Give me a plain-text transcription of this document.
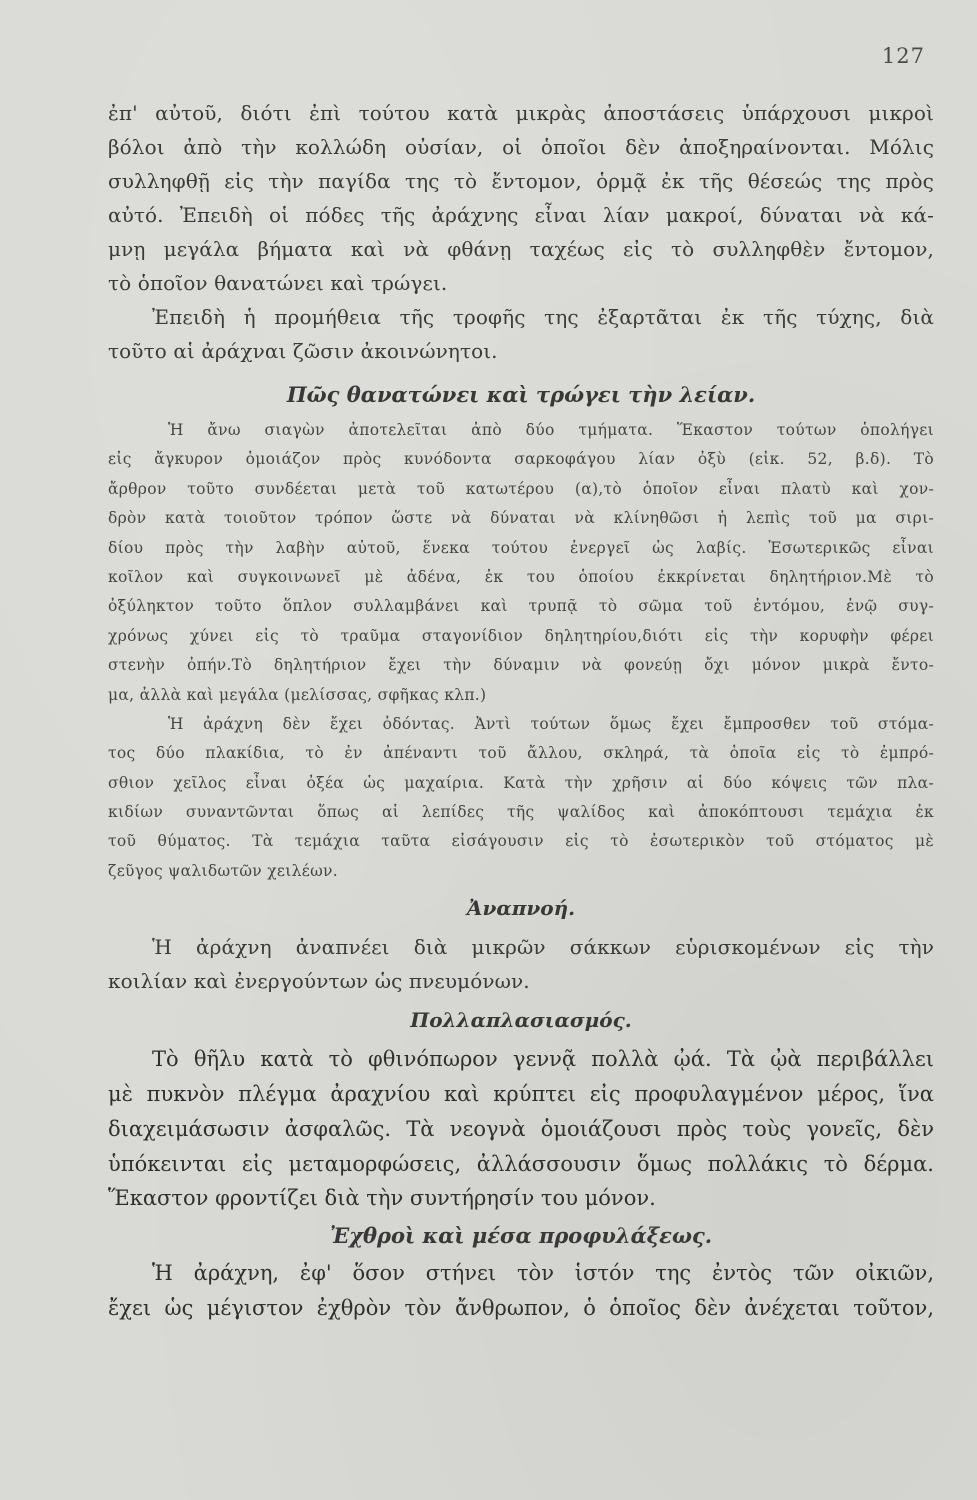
127
ἐπ' αὐτοῦ, διότι ἐπὶ τούτου κατὰ μικρὰς ἀποστάσεις ὑπάρχουσι μικροὶ
βόλοι ἀπὸ τὴν κολλώδη οὐσίαν, οἱ ὁποῖοι δὲν ἀποξηραίνονται. Μόλις
συλληφθῇ εἰς τὴν παγίδα της τὸ ἔντομον, ὁρμᾷ ἐκ τῆς θέσεώς της πρὸς
αὐτό. Ἐπειδὴ οἱ πόδες τῆς ἀράχνης εἶναι λίαν μακροί, δύναται νὰ κά-
μνῃ μεγάλα βήματα καὶ νὰ φθάνῃ ταχέως εἰς τὸ συλληφθὲν ἔντομον,
τὸ ὁποῖον θανατώνει καὶ τρώγει.
Ἐπειδὴ ἡ προμήθεια τῆς τροφῆς της ἐξαρτᾶται ἐκ τῆς τύχης, διὰ
τοῦτο αἱ ἀράχναι ζῶσιν ἀκοινώνητοι.
Πῶς θανατώνει καὶ τρώγει τὴν λείαν.
Ἡ ἄνω σιαγὼν ἀποτελεῖται ἀπὸ δύο τμήματα. Ἕκαστον τούτων ὁπολήγει
εἰς ἄγκυρον ὁμοιάζον πρὸς κυνόδοντα σαρκοφάγου λίαν ὀξὺ (εἰκ. 52, β.δ). Τὸ
ἄρθρον τοῦτο συνδέεται μετὰ τοῦ κατωτέρου (α),τὸ ὁποῖον εἶναι πλατὺ καὶ χον-
δρὸν κατὰ τοιοῦτον τρόπον ὥστε νὰ δύναται νὰ κλίνηθῶσι ἡ λεπὶς τοῦ μα σιρι-
δίου πρὸς τὴν λαβὴν αὐτοῦ, ἕνεκα τούτου ἐνεργεῖ ὡς λαβίς. Ἐσωτερικῶς εἶναι
κοῖλον καὶ συγκοινωνεῖ μὲ ἀδένα, ἐκ του ὁποίου ἐκκρίνεται δηλητήριον.Μὲ τὸ
ὀξύληκτον τοῦτο ὅπλον συλλαμβάνει καὶ τρυπᾷ τὸ σῶμα τοῦ ἐντόμου, ἐνῷ συγ-
χρόνως χύνει εἰς τὸ τραῦμα σταγονίδιον δηλητηρίου,διότι εἰς τὴν κορυφὴν φέρει
στενὴν ὀπήν.Τὸ δηλητήριον ἔχει τὴν δύναμιν νὰ φονεύῃ ὄχι μόνον μικρὰ ἔντο-
μα, ἀλλὰ καὶ μεγάλα (μελίσσας, σφῆκας κλπ.)
Ἡ ἀράχνη δὲν ἔχει ὀδόντας. Ἀντὶ τούτων ὅμως ἔχει ἔμπροσθεν τοῦ στόμα-
τος δύο πλακίδια, τὸ ἐν ἀπέναντι τοῦ ἄλλου, σκληρά, τὰ ὁποῖα εἰς τὸ ἐμπρό-
σθιον χεῖλος εἶναι ὀξέα ὡς μαχαίρια. Κατὰ τὴν χρῆσιν αἱ δύο κόψεις τῶν πλα-
κιδίων συναντῶνται ὅπως αἱ λεπίδες τῆς ψαλίδος καὶ ἀποκόπτουσι τεμάχια ἐκ
τοῦ θύματος. Τὰ τεμάχια ταῦτα εἰσάγουσιν εἰς τὸ ἐσωτερικὸν τοῦ στόματος μὲ
ζεῦγος ψαλιδωτῶν χειλέων.
Ἀναπνοή.
Ἡ ἀράχνη ἀναπνέει διὰ μικρῶν σάκκων εὑρισκομένων εἰς τὴν
κοιλίαν καὶ ἐνεργούντων ὡς πνευμόνων.
Πολλαπλασιασμός.
Τὸ θῆλυ κατὰ τὸ φθινόπωρον γεννᾷ πολλὰ ᾠά. Τὰ ᾠὰ περιβάλλει
μὲ πυκνὸν πλέγμα ἀραχνίου καὶ κρύπτει εἰς προφυλαγμένον μέρος, ἵνα
διαχειμάσωσιν ἀσφαλῶς. Τὰ νεογνὰ ὁμοιάζουσι πρὸς τοὺς γονεῖς, δὲν
ὑπόκεινται εἰς μεταμορφώσεις, ἀλλάσσουσιν ὅμως πολλάκις τὸ δέρμα.
Ἕκαστον φροντίζει διὰ τὴν συντήρησίν του μόνον.
Ἐχθροὶ καὶ μέσα προφυλάξεως.
Ἡ ἀράχνη, ἐφ' ὅσον στήνει τὸν ἱστόν της ἐντὸς τῶν οἰκιῶν,
ἔχει ὡς μέγιστον ἐχθρὸν τὸν ἄνθρωπον, ὁ ὁποῖος δὲν ἀνέχεται τοῦτον,
